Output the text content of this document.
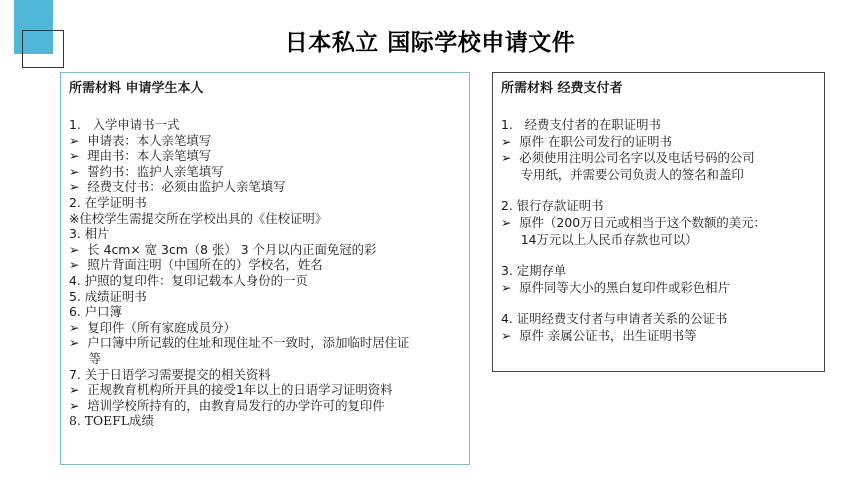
日本私立 国际学校申请文件
所需材料 申请学生本人
1.   入学申请书一式
➢  申请表：本人亲笔填写
➢  理由书：本人亲笔填写
➢  誓约书：监护人亲笔填写
➢  经费支付书：必须由监护人亲笔填写
2. 在学证明书
※住校学生需提交所在学校出具的《住校证明》
3. 相片
➢  长 4cm× 宽 3cm（8 张） 3 个月以内正面免冠的彩
➢  照片背面注明（中国所在的）学校名，姓名
4. 护照的复印件：复印记载本人身份的一页
5. 成绩证明书
6. 户口簿
➢  复印件（所有家庭成员分）
➢  户口簿中所记载的住址和现住址不一致时，添加临时居住证
等
7. 关于日语学习需要提交的相关资料
➢  正规教育机构所开具的接受1年以上的日语学习证明资料
➢  培训学校所持有的，由教育局发行的办学许可的复印件
8. TOEFL成绩
所需材料 经费支付者
1.   经费支付者的在职证明书
➢  原件 在职公司发行的证明书
➢  必须使用注明公司名字以及电话号码的公司
专用纸，并需要公司负责人的签名和盖印
2. 银行存款证明书
➢  原件（200万日元或相当于这个数额的美元：
14万元以上人民币存款也可以）
3. 定期存单
➢  原件同等大小的黑白复印件或彩色相片
4. 证明经费支付者与申请者关系的公证书
➢  原件 亲属公证书，出生证明书等
